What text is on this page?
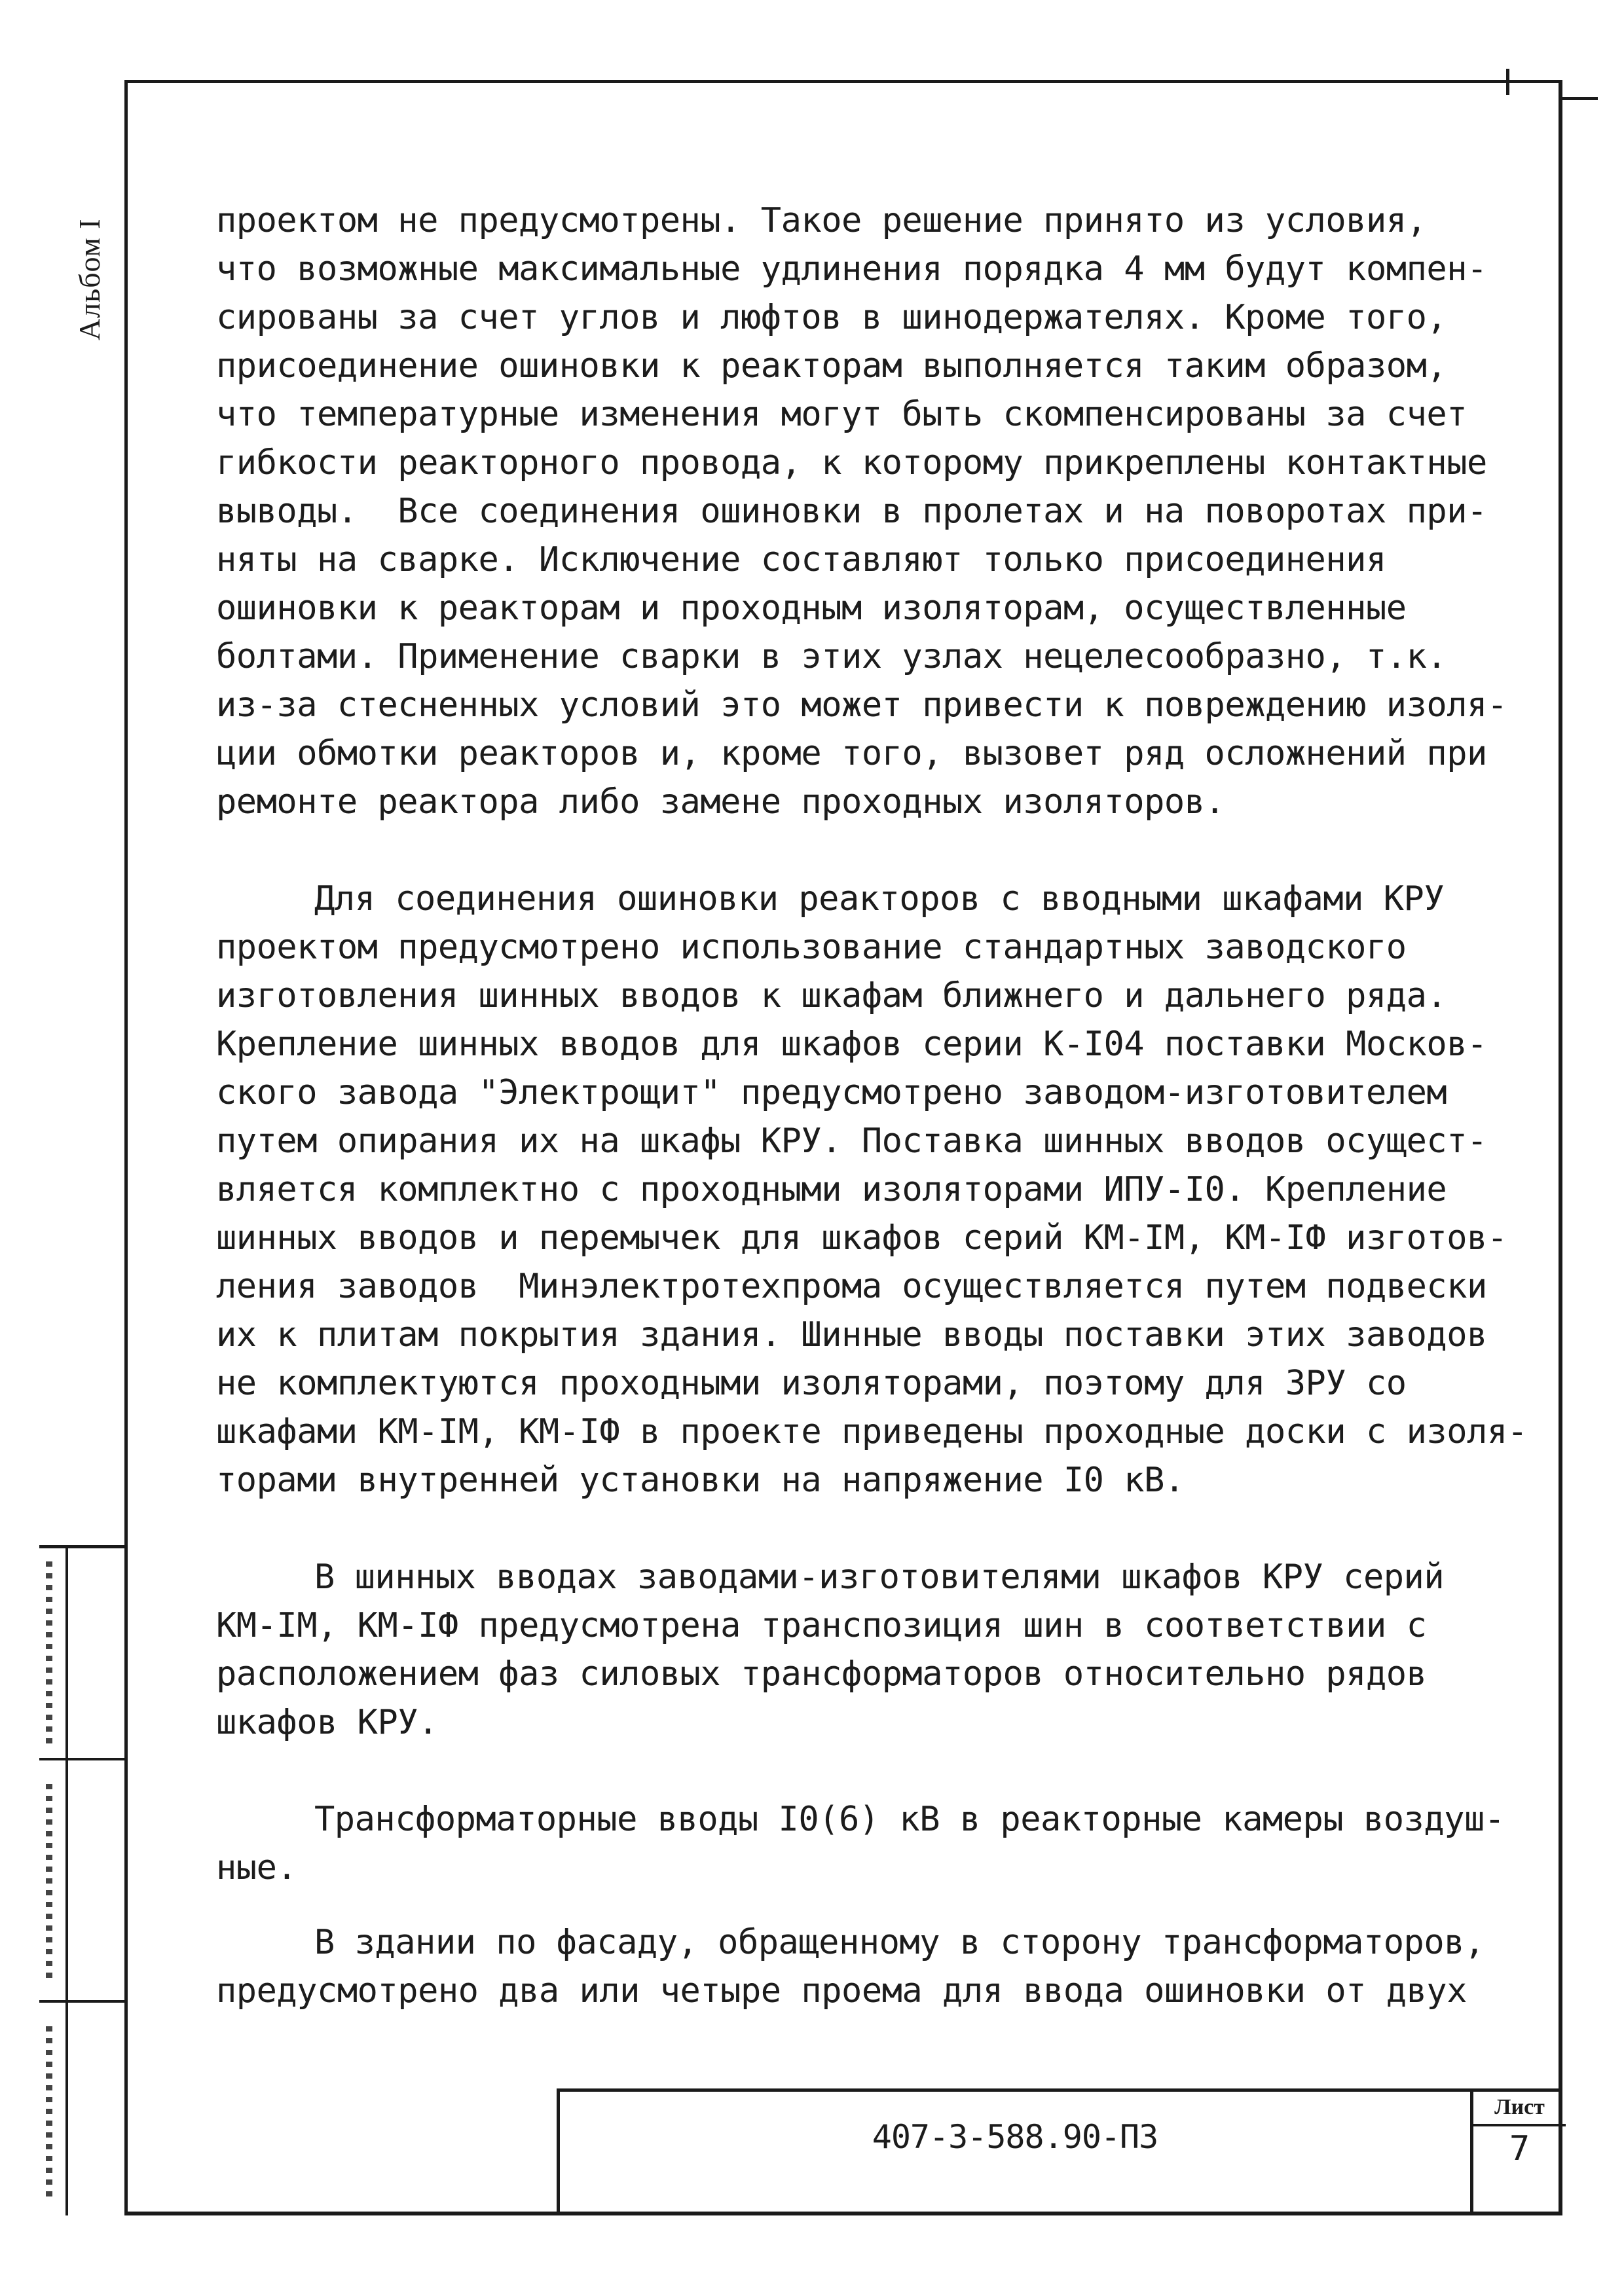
Альбом I	проектом не предусмотрены. Такое решение принято из условия,
что возможные максимальные удлинения порядка 4 мм будут компен-
сированы за счет углов и люфтов в шинодержателях. Кроме того,
присоединение ошиновки к реакторам выполняется таким образом,
что температурные изменения могут быть скомпенсированы за счет
гибкости реакторного провода, к которому прикреплены контактные
выводы.  Все соединения ошиновки в пролетах и на поворотах при-
няты на сварке. Исключение составляют только присоединения
ошиновки к реакторам и проходным изоляторам, осуществленные
болтами. Применение сварки в этих узлах нецелесообразно, т.к.
из-за стесненных условий это может привести к повреждению изоля-
ции обмотки реакторов и, кроме того, вызовет ряд осложнений при
ремонте реактора либо замене проходных изоляторов.
Для соединения ошиновки реакторов с вводными шкафами КРУ
проектом предусмотрено использование стандартных заводского
изготовления шинных вводов к шкафам ближнего и дальнего ряда.
Крепление шинных вводов для шкафов серии К-I04 поставки Москов-
ского завода "Электрощит" предусмотрено заводом-изготовителем
путем опирания их на шкафы КРУ. Поставка шинных вводов осущест-
вляется комплектно с проходными изоляторами ИПУ-I0. Крепление
шинных вводов и перемычек для шкафов серий КМ-IМ, КМ-IФ изготов-
ления заводов  Минэлектротехпрома осуществляется путем подвески
их к плитам покрытия здания. Шинные вводы поставки этих заводов
не комплектуются проходными изоляторами, поэтому для ЗРУ со
шкафами КМ-IМ, КМ-IФ в проекте приведены проходные доски с изоля-
торами внутренней установки на напряжение I0 кВ.
В шинных вводах заводами-изготовителями шкафов КРУ серий
КМ-IМ, КМ-IФ предусмотрена транспозиция шин в соответствии с
расположением фаз силовых трансформаторов относительно рядов
шкафов КРУ.
Трансформаторные вводы I0(6) кВ в реакторные камеры воздуш-
ные.
В здании по фасаду, обращенному в сторону трансформаторов,
предусмотрено два или четыре проема для ввода ошиновки от двух
407-3-588.90-ПЗ
Лист
7
